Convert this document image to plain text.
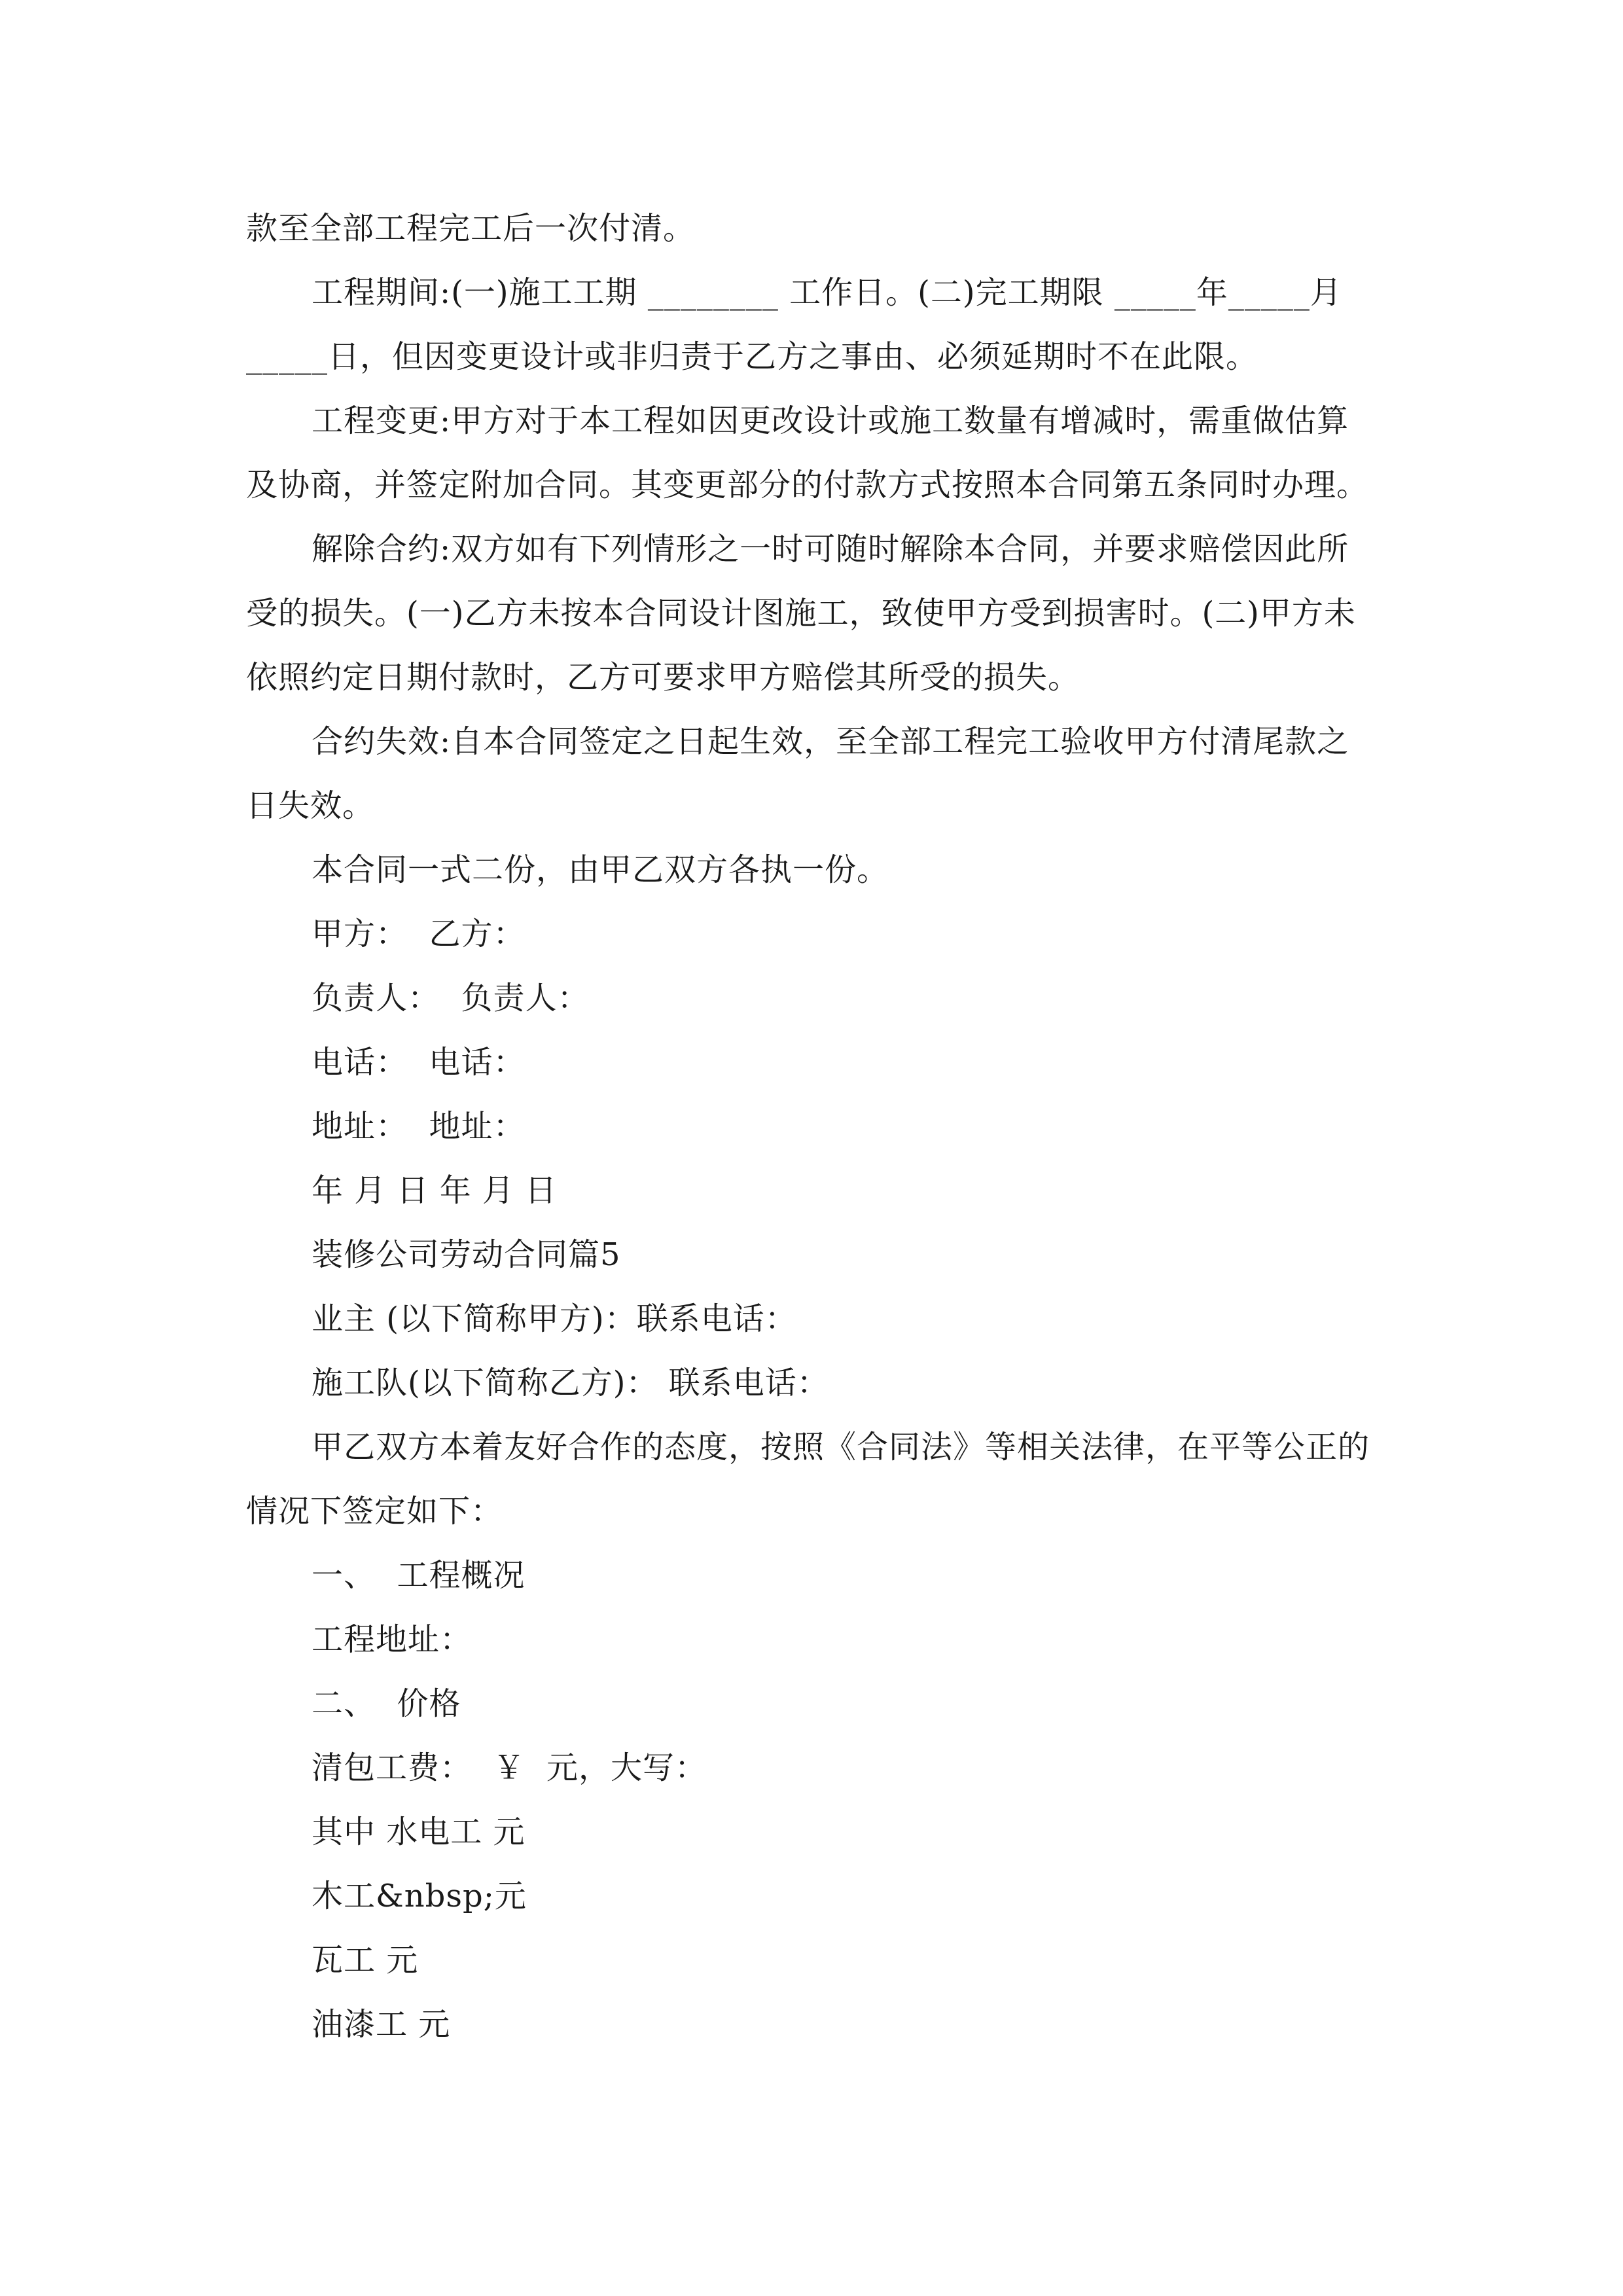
款至全部工程完工后一次付清。
工程期间:(一)施工工期 ________ 工作日。(二)完工期限 _____年_____月
_____日，但因变更设计或非归责于乙方之事由、必须延期时不在此限。
工程变更:甲方对于本工程如因更改设计或施工数量有增减时，需重做估算
及协商，并签定附加合同。其变更部分的付款方式按照本合同第五条同时办理。
解除合约:双方如有下列情形之一时可随时解除本合同，并要求赔偿因此所
受的损失。(一)乙方未按本合同设计图施工，致使甲方受到损害时。(二)甲方未
依照约定日期付款时，乙方可要求甲方赔偿其所受的损失。
合约失效:自本合同签定之日起生效，至全部工程完工验收甲方付清尾款之
日失效。
本合同一式二份，由甲乙双方各执一份。
甲方：  乙方：
负责人：  负责人：
电话：  电话：
地址：  地址：
年 月 日 年 月 日
装修公司劳动合同篇5
业主 (以下简称甲方)：联系电话：
施工队(以下简称乙方)： 联系电话：
甲乙双方本着友好合作的态度，按照《合同法》等相关法律，在平等公正的
情况下签定如下：
一、  工程概况
工程地址：
二、  价格
清包工费：  ￥  元，大写：
其中 水电工 元
木工&nbsp;元
瓦工 元
油漆工 元
